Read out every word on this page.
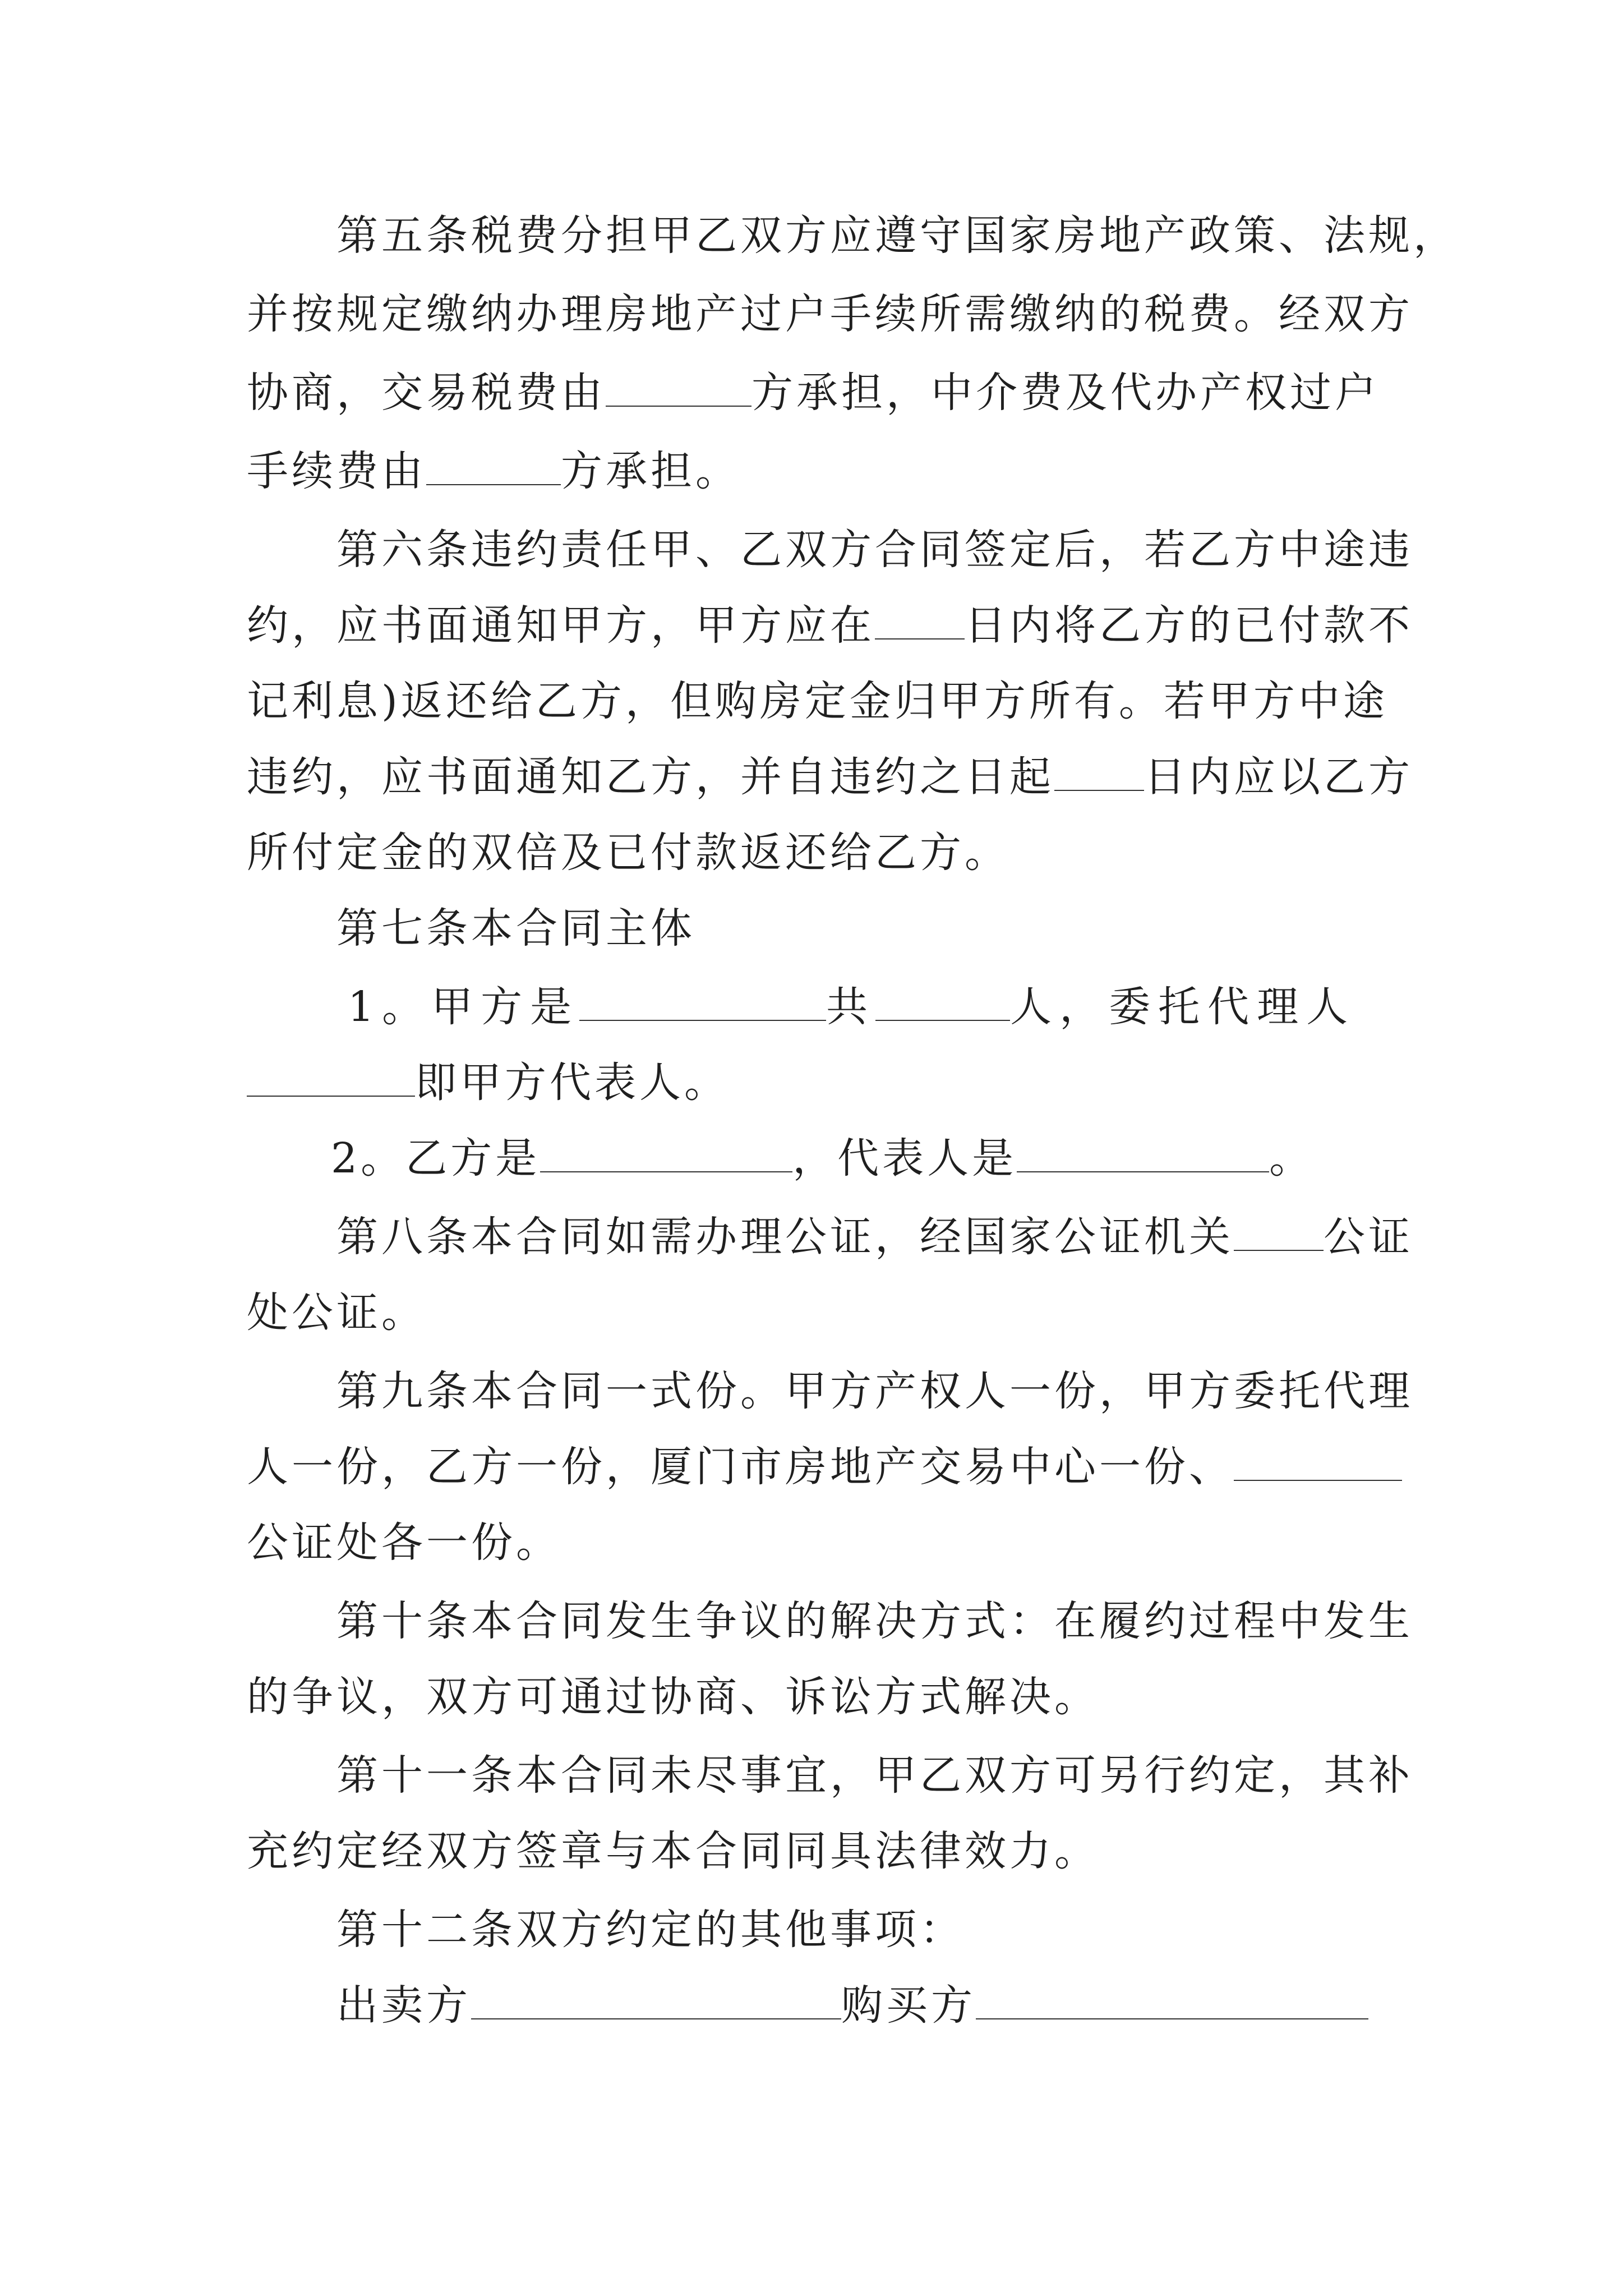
第五条税费分担甲乙双方应遵守国家房地产政策、法规，
并按规定缴纳办理房地产过户手续所需缴纳的税费。经双方
协商，交易税费由	方承担，中介费及代办产权过户
手续费由	方承担。
第六条违约责任甲、乙双方合同签定后，若乙方中途违
约，应书面通知甲方，甲方应在 日内将乙方的已付款不
记利息)返还给乙方，但购房定金归甲方所有。若甲方中途
违约，应书面通知乙方，并自违约之日起 日内应以乙方
所付定金的双倍及已付款返还给乙方。
第七条本合同主体
1。甲方是	共	人，委托代理人
即甲方代表人。
2。乙方是	，代表人是	。
第八条本合同如需办理公证，经国家公证机关 公证
处公证。
第九条本合同一式份。甲方产权人一份，甲方委托代理
人一份，乙方一份，厦门市房地产交易中心一份、
公证处各一份。
第十条本合同发生争议的解决方式：在履约过程中发生
的争议，双方可通过协商、诉讼方式解决。
第十一条本合同未尽事宜，甲乙双方可另行约定，其补
充约定经双方签章与本合同同具法律效力。
第十二条双方约定的其他事项：
出卖方	购买方
